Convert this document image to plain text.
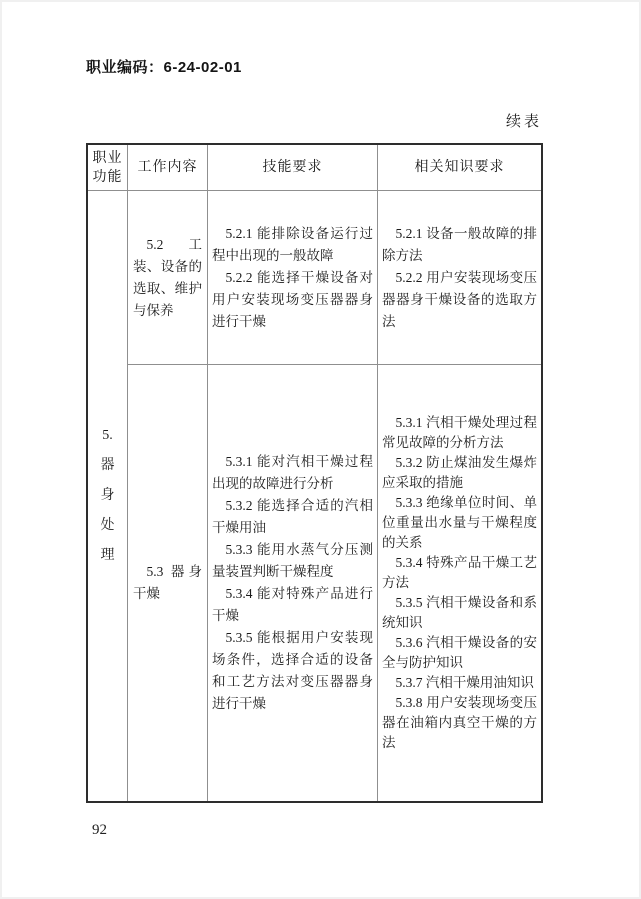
职业编码：6-24-02-01
续表
职业功能
工作内容	技能要求	相关知识要求

5. 器身处理

5.2 工装、设备的选取、维护与保养

5.2.1 能排除设备运行过程中出现的一般故障

5.2.2 能选择干燥设备对用户安装现场变压器器身进行干燥

5.2.1 设备一般故障的排除方法

5.2.2 用户安装现场变压器器身干燥设备的选取方法

5.3 器身干燥

5.3.1 能对汽相干燥过程出现的故障进行分析

5.3.2 能选择合适的汽相干燥用油

5.3.3 能用水蒸气分压测量装置判断干燥程度

5.3.4 能对特殊产品进行干燥

5.3.5 能根据用户安装现场条件，选择合适的设备和工艺方法对变压器器身进行干燥

5.3.1 汽相干燥处理过程常见故障的分析方法

5.3.2 防止煤油发生爆炸应采取的措施

5.3.3 绝缘单位时间、单位重量出水量与干燥程度的关系

5.3.4 特殊产品干燥工艺方法

5.3.5 汽相干燥设备和系统知识

5.3.6 汽相干燥设备的安全与防护知识

5.3.7 汽相干燥用油知识

5.3.8 用户安装现场变压器在油箱内真空干燥的方法

92
